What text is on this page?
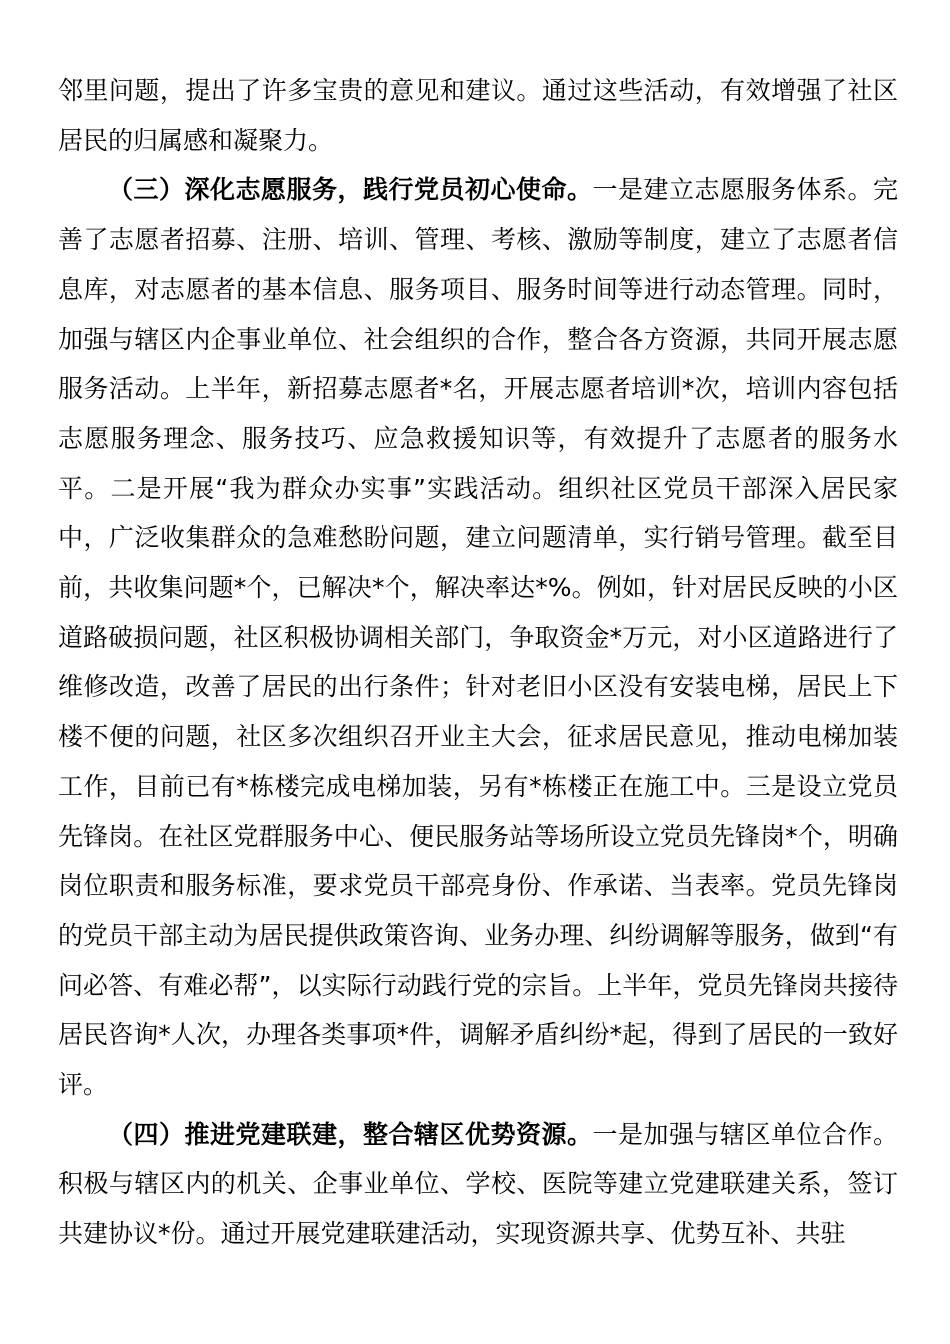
邻里问题，提出了许多宝贵的意见和建议。通过这些活动，有效增强了社区居民的归属感和凝聚力。

（三）深化志愿服务，践行党员初心使命。一是建立志愿服务体系。完善了志愿者招募、注册、培训、管理、考核、激励等制度，建立了志愿者信息库，对志愿者的基本信息、服务项目、服务时间等进行动态管理。同时，加强与辖区内企事业单位、社会组织的合作，整合各方资源，共同开展志愿服务活动。上半年，新招募志愿者*名，开展志愿者培训*次，培训内容包括志愿服务理念、服务技巧、应急救援知识等，有效提升了志愿者的服务水平。二是开展“我为群众办实事”实践活动。组织社区党员干部深入居民家中，广泛收集群众的急难愁盼问题，建立问题清单，实行销号管理。截至目前，共收集问题*个，已解决*个，解决率达*%。例如，针对居民反映的小区道路破损问题，社区积极协调相关部门，争取资金*万元，对小区道路进行了维修改造，改善了居民的出行条件；针对老旧小区没有安装电梯，居民上下楼不便的问题，社区多次组织召开业主大会，征求居民意见，推动电梯加装工作，目前已有*栋楼完成电梯加装，另有*栋楼正在施工中。三是设立党员先锋岗。在社区党群服务中心、便民服务站等场所设立党员先锋岗*个，明确岗位职责和服务标准，要求党员干部亮身份、作承诺、当表率。党员先锋岗的党员干部主动为居民提供政策咨询、业务办理、纠纷调解等服务，做到“有问必答、有难必帮”，以实际行动践行党的宗旨。上半年，党员先锋岗共接待居民咨询*人次，办理各类事项*件，调解矛盾纠纷*起，得到了居民的一致好评。

（四）推进党建联建，整合辖区优势资源。一是加强与辖区单位合作。积极与辖区内的机关、企事业单位、学校、医院等建立党建联建关系，签订共建协议*份。通过开展党建联建活动，实现资源共享、优势互补、共驻
